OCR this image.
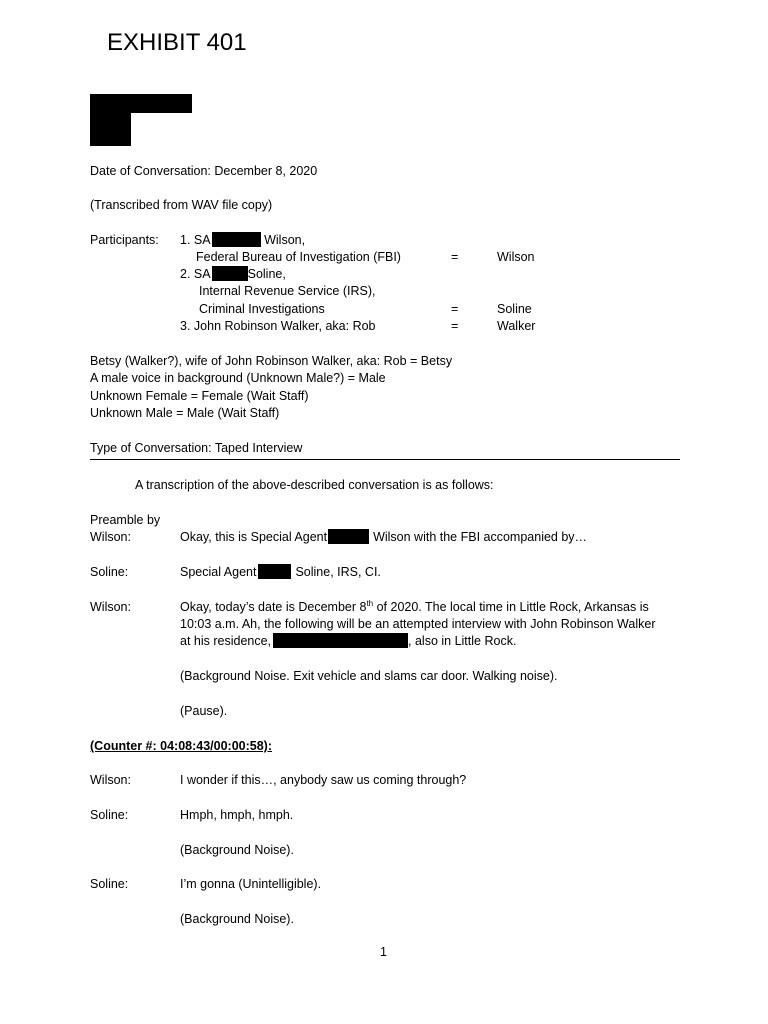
EXHIBIT 401
Date of Conversation: December 8, 2020
(Transcribed from WAV file copy)
Participants: 1. SA	Wilson,
Federal Bureau of Investigation (FBI)	=	Wilson
2. SA	Soline,
Internal Revenue Service (IRS),
Criminal Investigations	=	Soline
3. John Robinson Walker, aka: Rob	=	Walker
Betsy (Walker?), wife of John Robinson Walker, aka: Rob = Betsy
A male voice in background (Unknown Male?) = Male
Unknown Female = Female (Wait Staff)
Unknown Male = Male (Wait Staff)
Type of Conversation: Taped Interview
A transcription of the above-described conversation is as follows:
Preamble by
Wilson:	Okay, this is Special Agent	Wilson with the FBI accompanied by…
Soline:	Special Agent	Soline, IRS, CI.
Wilson:	Okay, today’s date is December 8th of 2020. The local time in Little Rock, Arkansas is
10:03 a.m. Ah, the following will be an attempted interview with John Robinson Walker
at his residence,	, also in Little Rock.
(Background Noise. Exit vehicle and slams car door. Walking noise).
(Pause).
(Counter #: 04:08:43/00:00:58):
Wilson:	I wonder if this…, anybody saw us coming through?
Soline:	Hmph, hmph, hmph.
(Background Noise).
Soline:	I’m gonna (Unintelligible).
(Background Noise).
1
